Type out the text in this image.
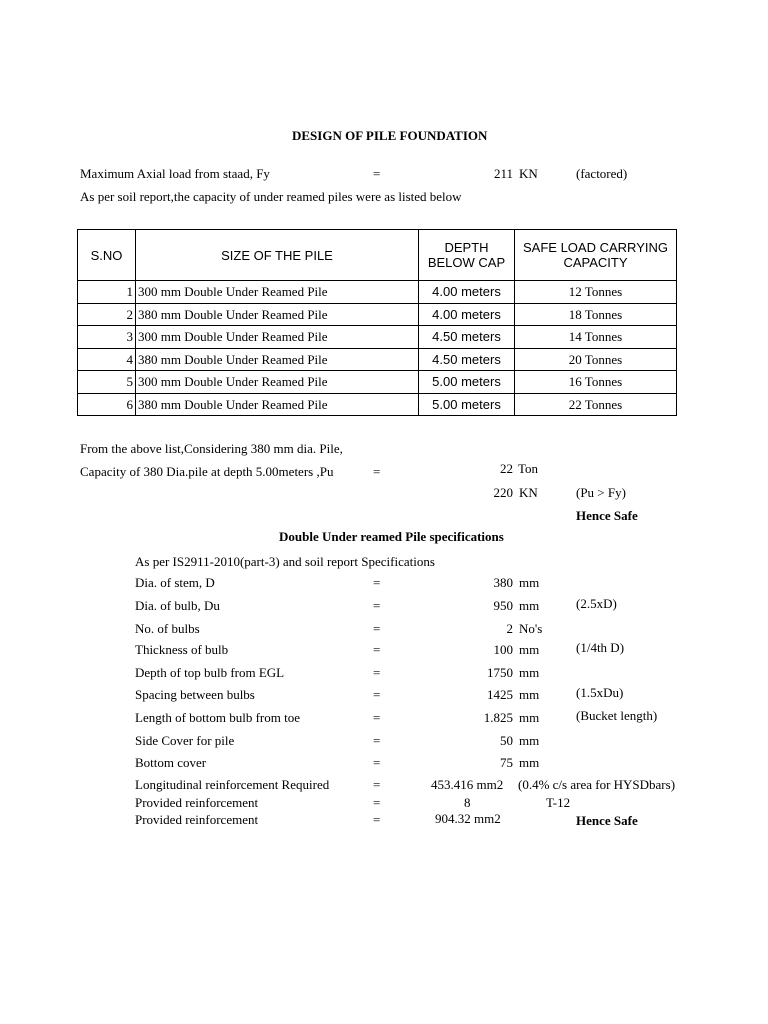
DESIGN OF PILE FOUNDATION
Maximum Axial load from staad, Fy	=	211 KN	(factored)
As per soil report,the capacity of under reamed piles were as listed below
S.NO	SIZE OF THE PILE	DEPTH BELOW CAP	SAFE LOAD CARRYING CAPACITY
1	300 mm Double Under Reamed Pile	4.00 meters	12 Tonnes
2	380 mm Double Under Reamed Pile	4.00 meters	18 Tonnes
3	300 mm Double Under Reamed Pile	4.50 meters	14 Tonnes
4	380 mm Double Under Reamed Pile	4.50 meters	20 Tonnes
5	300 mm Double Under Reamed Pile	5.00 meters	16 Tonnes
6	380 mm Double Under Reamed Pile	5.00 meters	22 Tonnes
From the above list,Considering 380 mm dia. Pile,
Capacity of 380 Dia.pile at depth 5.00meters ,Pu	=	22 Ton
220 KN	(Pu > Fy)
Hence Safe
Double Under reamed Pile specifications
As per IS2911-2010(part-3) and soil report Specifications
Dia. of stem, D	=	380 mm
Dia. of bulb, Du	=	950 mm	(2.5xD)
No. of bulbs	=	2 No's
Thickness of bulb	=	100 mm	(1/4th D)
Depth of top bulb from EGL	=	1750 mm
Spacing between bulbs	=	1425 mm	(1.5xDu)
Length of bottom bulb from toe	=	1.825 mm	(Bucket length)
Side Cover for pile	=	50 mm
Bottom cover	=	75 mm
Longitudinal reinforcement Required	=	453.416 mm2 (0.4% c/s area for HYSDbars)
Provided reinforcement	=	8	T-12
Provided reinforcement	=	904.32 mm2	Hence Safe
